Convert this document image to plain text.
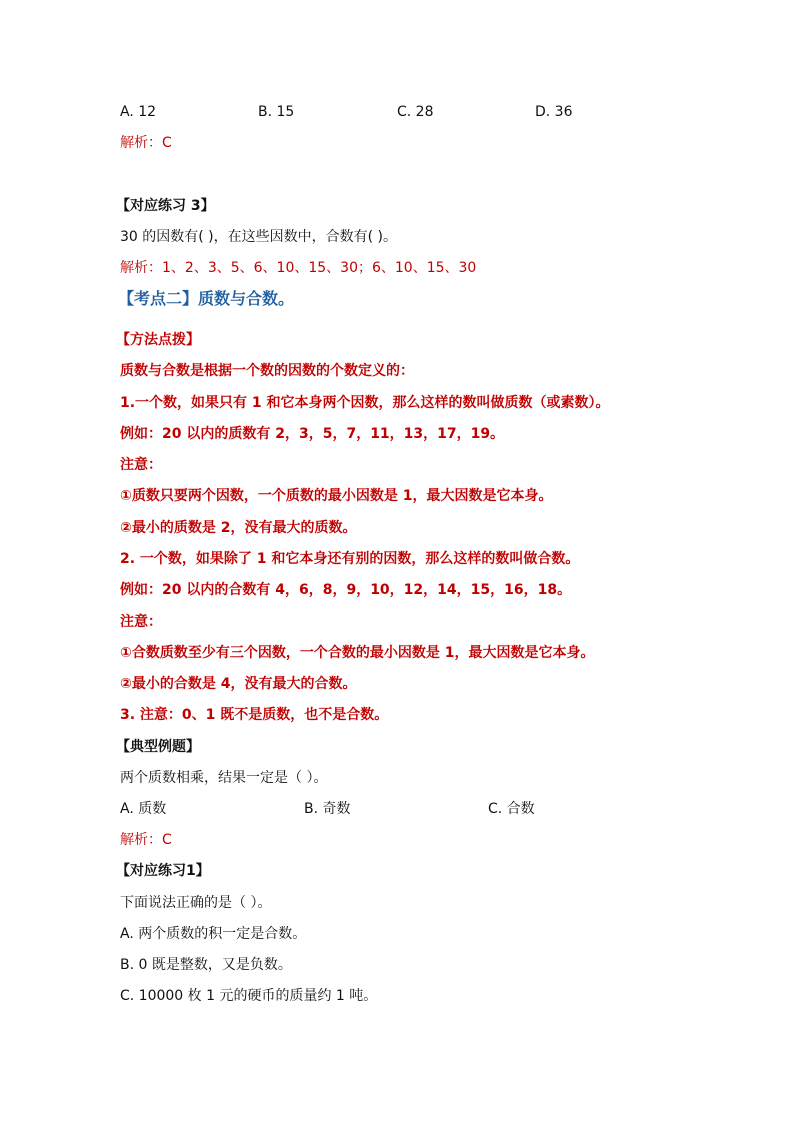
A. 12	B. 15	C. 28	D. 36
解析：C
【对应练习 3】
30 的因数有( )，在这些因数中，合数有( )。
解析：1、2、3、5、6、10、15、30；6、10、15、30
【考点二】质数与合数。
【方法点拨】
质数与合数是根据一个数的因数的个数定义的：
1.一个数，如果只有 1 和它本身两个因数，那么这样的数叫做质数（或素数）。
例如：20 以内的质数有 2，3，5，7，11，13，17，19。
注意：
①质数只要两个因数，一个质数的最小因数是 1，最大因数是它本身。
②最小的质数是 2，没有最大的质数。
2. 一个数，如果除了 1 和它本身还有别的因数，那么这样的数叫做合数。
例如：20 以内的合数有 4，6，8，9，10，12，14，15，16，18。
注意：
①合数质数至少有三个因数，一个合数的最小因数是 1，最大因数是它本身。
②最小的合数是 4，没有最大的合数。
3. 注意：0、1 既不是质数，也不是合数。
【典型例题】
两个质数相乘，结果一定是（ ）。
A. 质数	B. 奇数	C. 合数
解析：C
【对应练习1】
下面说法正确的是（ ）。
A. 两个质数的积一定是合数。
B. 0 既是整数，又是负数。
C. 10000 枚 1 元的硬币的质量约 1 吨。
